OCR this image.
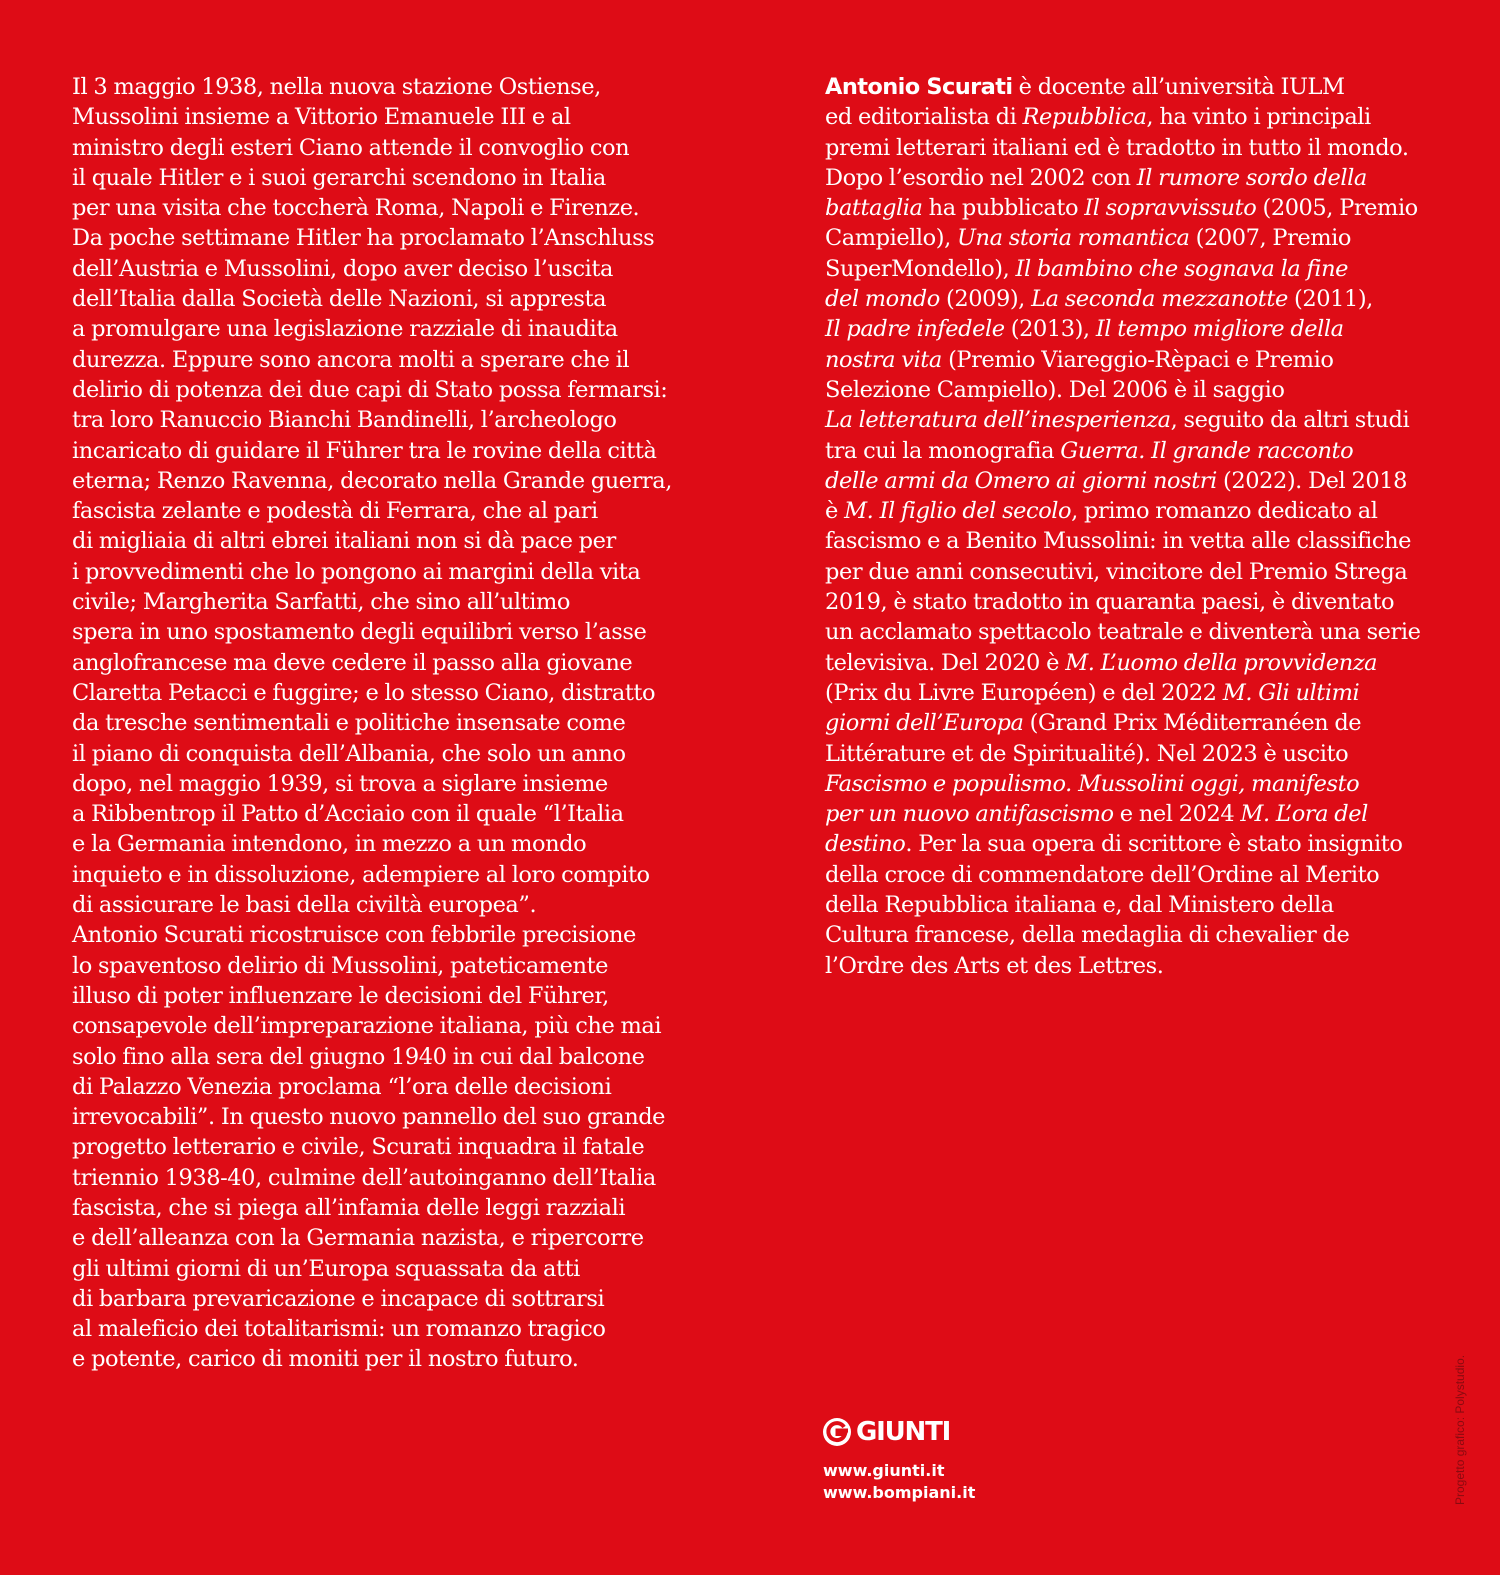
Il 3 maggio 1938, nella nuova stazione Ostiense,
Mussolini insieme a Vittorio Emanuele III e al
ministro degli esteri Ciano attende il convoglio con
il quale Hitler e i suoi gerarchi scendono in Italia
per una visita che toccherà Roma, Napoli e Firenze.
Da poche settimane Hitler ha proclamato l’Anschluss
dell’Austria e Mussolini, dopo aver deciso l’uscita
dell’Italia dalla Società delle Nazioni, si appresta
a promulgare una legislazione razziale di inaudita
durezza. Eppure sono ancora molti a sperare che il
delirio di potenza dei due capi di Stato possa fermarsi:
tra loro Ranuccio Bianchi Bandinelli, l’archeologo
incaricato di guidare il Führer tra le rovine della città
eterna; Renzo Ravenna, decorato nella Grande guerra,
fascista zelante e podestà di Ferrara, che al pari
di migliaia di altri ebrei italiani non si dà pace per
i provvedimenti che lo pongono ai margini della vita
civile; Margherita Sarfatti, che sino all’ultimo
spera in uno spostamento degli equilibri verso l’asse
anglofrancese ma deve cedere il passo alla giovane
Claretta Petacci e fuggire; e lo stesso Ciano, distratto
da tresche sentimentali e politiche insensate come
il piano di conquista dell’Albania, che solo un anno
dopo, nel maggio 1939, si trova a siglare insieme
a Ribbentrop il Patto d’Acciaio con il quale “l’Italia
e la Germania intendono, in mezzo a un mondo
inquieto e in dissoluzione, adempiere al loro compito
di assicurare le basi della civiltà europea”.
Antonio Scurati ricostruisce con febbrile precisione
lo spaventoso delirio di Mussolini, pateticamente
illuso di poter influenzare le decisioni del Führer,
consapevole dell’impreparazione italiana, più che mai
solo fino alla sera del giugno 1940 in cui dal balcone
di Palazzo Venezia proclama “l’ora delle decisioni
irrevocabili”. In questo nuovo pannello del suo grande
progetto letterario e civile, Scurati inquadra il fatale
triennio 1938-40, culmine dell’autoinganno dell’Italia
fascista, che si piega all’infamia delle leggi razziali
e dell’alleanza con la Germania nazista, e ripercorre
gli ultimi giorni di un’Europa squassata da atti
di barbara prevaricazione e incapace di sottrarsi
al maleficio dei totalitarismi: un romanzo tragico
e potente, carico di moniti per il nostro futuro.
Antonio Scurati è docente all’università IULM
ed editorialista di Repubblica, ha vinto i principali
premi letterari italiani ed è tradotto in tutto il mondo.
Dopo l’esordio nel 2002 con Il rumore sordo della
battaglia ha pubblicato Il sopravvissuto (2005, Premio
Campiello), Una storia romantica (2007, Premio
SuperMondello), Il bambino che sognava la fine
del mondo (2009), La seconda mezzanotte (2011),
Il padre infedele (2013), Il tempo migliore della
nostra vita (Premio Viareggio-Rèpaci e Premio
Selezione Campiello). Del 2006 è il saggio
La letteratura dell’inesperienza, seguito da altri studi
tra cui la monografia Guerra. Il grande racconto
delle armi da Omero ai giorni nostri (2022). Del 2018
è M. Il figlio del secolo, primo romanzo dedicato al
fascismo e a Benito Mussolini: in vetta alle classifiche
per due anni consecutivi, vincitore del Premio Strega
2019, è stato tradotto in quaranta paesi, è diventato
un acclamato spettacolo teatrale e diventerà una serie
televisiva. Del 2020 è M. L’uomo della provvidenza
(Prix du Livre Européen) e del 2022 M. Gli ultimi
giorni dell’Europa (Grand Prix Méditerranéen de
Littérature et de Spiritualité). Nel 2023 è uscito
Fascismo e populismo. Mussolini oggi, manifesto
per un nuovo antifascismo e nel 2024 M. L’ora del
destino. Per la sua opera di scrittore è stato insignito
della croce di commendatore dell’Ordine al Merito
della Repubblica italiana e, dal Ministero della
Cultura francese, della medaglia di chevalier de
l’Ordre des Arts et des Lettres.
GIUNTI
www.giunti.it
www.bompiani.it	Progetto grafico: Polystudio.
